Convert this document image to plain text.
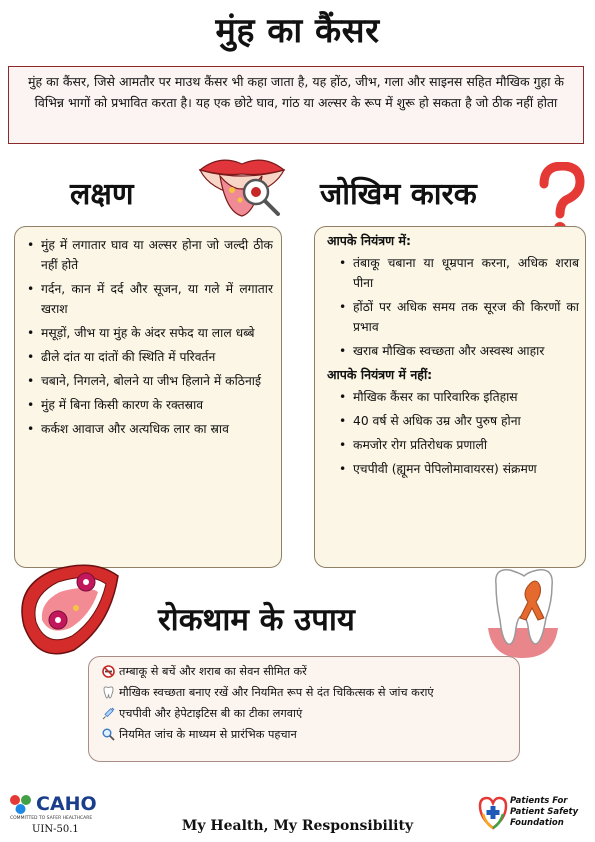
मुंह का कैंसर
मुंह का कैंसर, जिसे आमतौर पर माउथ कैंसर भी कहा जाता है, यह होंठ, जीभ, गला और साइनस सहित मौखिक गुहा के विभिन्न भागों को प्रभावित करता है। यह एक छोटे घाव, गांठ या अल्सर के रूप में शुरू हो सकता है जो ठीक नहीं होता
लक्षण	जोखिम कारक
• मुंह में लगातार घाव या अल्सर होना जो जल्दी ठीक नहीं होते
• गर्दन, कान में दर्द और सूजन, या गले में लगातार खराश
• मसूड़ों, जीभ या मुंह के अंदर सफेद या लाल धब्बे
• ढीले दांत या दांतों की स्थिति में परिवर्तन
• चबाने, निगलने, बोलने या जीभ हिलाने में कठिनाई
• मुंह में बिना किसी कारण के रक्तस्राव
• कर्कश आवाज और अत्यधिक लार का स्राव
आपके नियंत्रण में:
• तंबाकू चबाना या धूम्रपान करना, अधिक शराब पीना
• होंठों पर अधिक समय तक सूरज की किरणों का प्रभाव
• खराब मौखिक स्वच्छता और अस्वस्थ आहार
आपके नियंत्रण में नहीं:
• मौखिक कैंसर का पारिवारिक इतिहास
• 40 वर्ष से अधिक उम्र और पुरुष होना
• कमजोर रोग प्रतिरोधक प्रणाली
• एचपीवी (ह्यूमन पेपिलोमावायरस) संक्रमण
रोकथाम के उपाय
तम्बाकू से बचें और शराब का सेवन सीमित करें
मौखिक स्वच्छता बनाए रखें और नियमित रूप से दंत चिकित्सक से जांच कराएं
एचपीवी और हेपेटाइटिस बी का टीका लगवाएं
नियमित जांच के माध्यम से प्रारंभिक पहचान
CAHO
COMMITTED TO SAFER HEALTHCARE
UIN-50.1	My Health, My Responsibility
Patients For
Patient Safety
Foundation
